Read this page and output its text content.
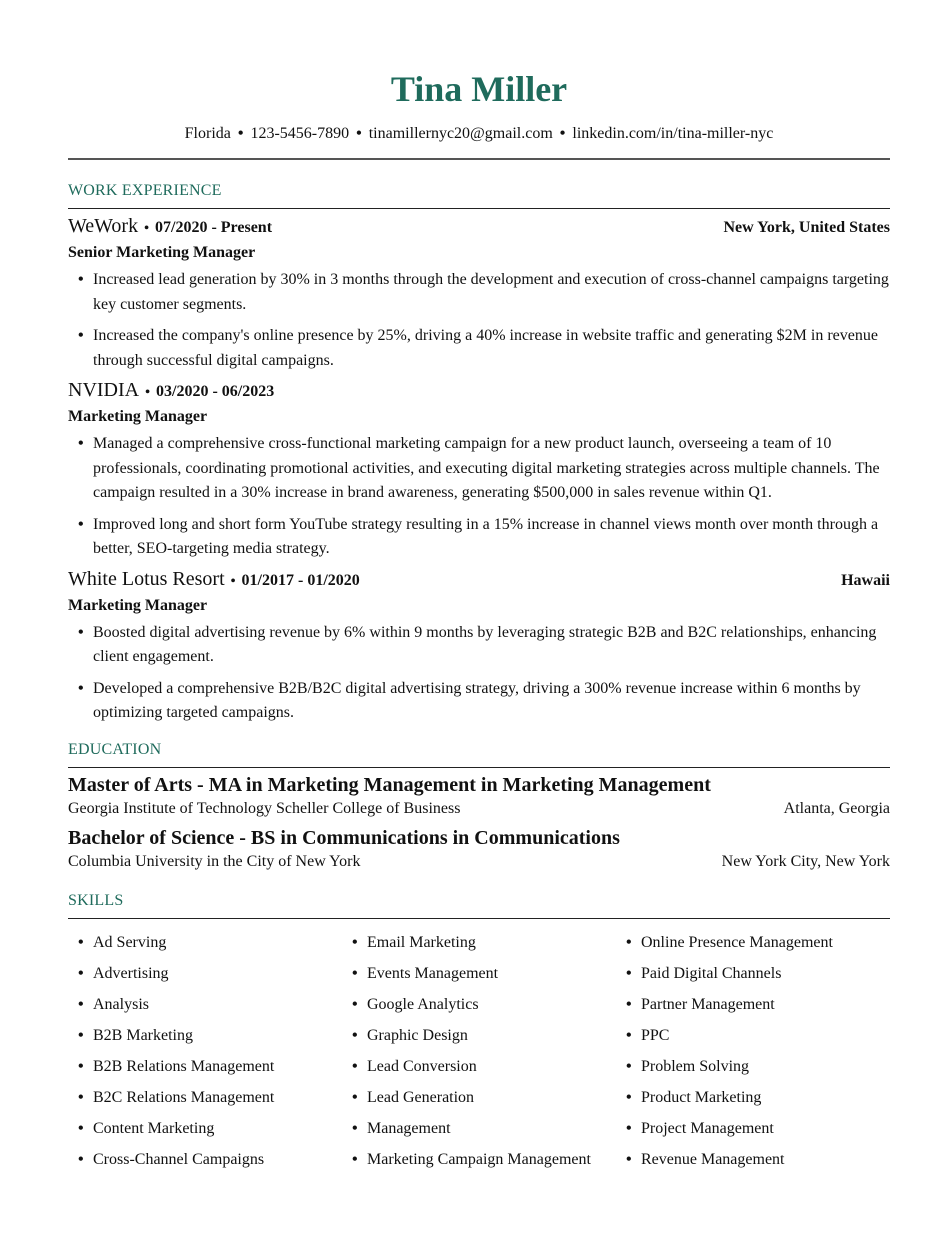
Tina Miller
Florida • 123-5456-7890 • tinamillernyc20@gmail.com • linkedin.com/in/tina-miller-nyc
WORK EXPERIENCE
WeWork • 07/2020 - Present	New York, United States
Senior Marketing Manager
• Increased lead generation by 30% in 3 months through the development and execution of cross-channel campaigns targeting key customer segments.
• Increased the company's online presence by 25%, driving a 40% increase in website traffic and generating $2M in revenue through successful digital campaigns.
NVIDIA • 03/2020 - 06/2023
Marketing Manager
• Managed a comprehensive cross-functional marketing campaign for a new product launch, overseeing a team of 10 professionals, coordinating promotional activities, and executing digital marketing strategies across multiple channels. The campaign resulted in a 30% increase in brand awareness, generating $500,000 in sales revenue within Q1.
• Improved long and short form YouTube strategy resulting in a 15% increase in channel views month over month through a better, SEO-targeting media strategy.
White Lotus Resort • 01/2017 - 01/2020	Hawaii
Marketing Manager
• Boosted digital advertising revenue by 6% within 9 months by leveraging strategic B2B and B2C relationships, enhancing client engagement.
• Developed a comprehensive B2B/B2C digital advertising strategy, driving a 300% revenue increase within 6 months by optimizing targeted campaigns.
EDUCATION
Master of Arts - MA in Marketing Management in Marketing Management
Georgia Institute of Technology Scheller College of Business	Atlanta, Georgia
Bachelor of Science - BS in Communications in Communications
Columbia University in the City of New York	New York City, New York
SKILLS
• Ad Serving	• Email Marketing	• Online Presence Management
• Advertising	• Events Management	• Paid Digital Channels
• Analysis	• Google Analytics	• Partner Management
• B2B Marketing	• Graphic Design	• PPC
• B2B Relations Management	• Lead Conversion	• Problem Solving
• B2C Relations Management	• Lead Generation	• Product Marketing
• Content Marketing	• Management	• Project Management
• Cross-Channel Campaigns	• Marketing Campaign Management	• Revenue Management
